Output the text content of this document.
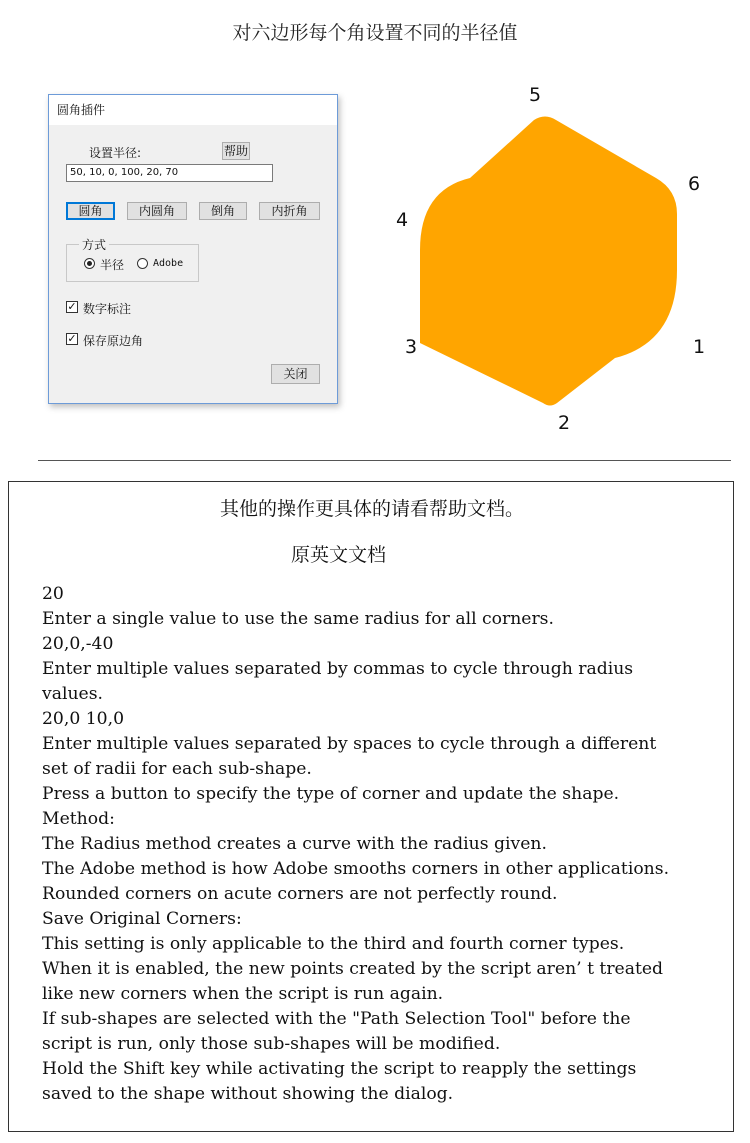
对六边形每个角设置不同的半径值
圆角插件
设置半径:	帮助
50, 10, 0, 100, 20, 70
圆角	内圆角	倒角	内折角
方式
半径	Adobe
✓ 数字标注
✓ 保存原边角
关闭
1
2
3
4
5
6
其他的操作更具体的请看帮助文档。
原英文文档
20
Enter a single value to use the same radius for all corners.
20,0,-40
Enter multiple values separated by commas to cycle through radius
values.
20,0 10,0
Enter multiple values separated by spaces to cycle through a different
set of radii for each sub-shape.
Press a button to specify the type of corner and update the shape.
Method:
The Radius method creates a curve with the radius given.
The Adobe method is how Adobe smooths corners in other applications.
Rounded corners on acute corners are not perfectly round.
Save Original Corners:
This setting is only applicable to the third and fourth corner types.
When it is enabled, the new points created by the script aren’ t treated
like new corners when the script is run again.
If sub-shapes are selected with the "Path Selection Tool" before the
script is run, only those sub-shapes will be modified.
Hold the Shift key while activating the script to reapply the settings
saved to the shape without showing the dialog.
